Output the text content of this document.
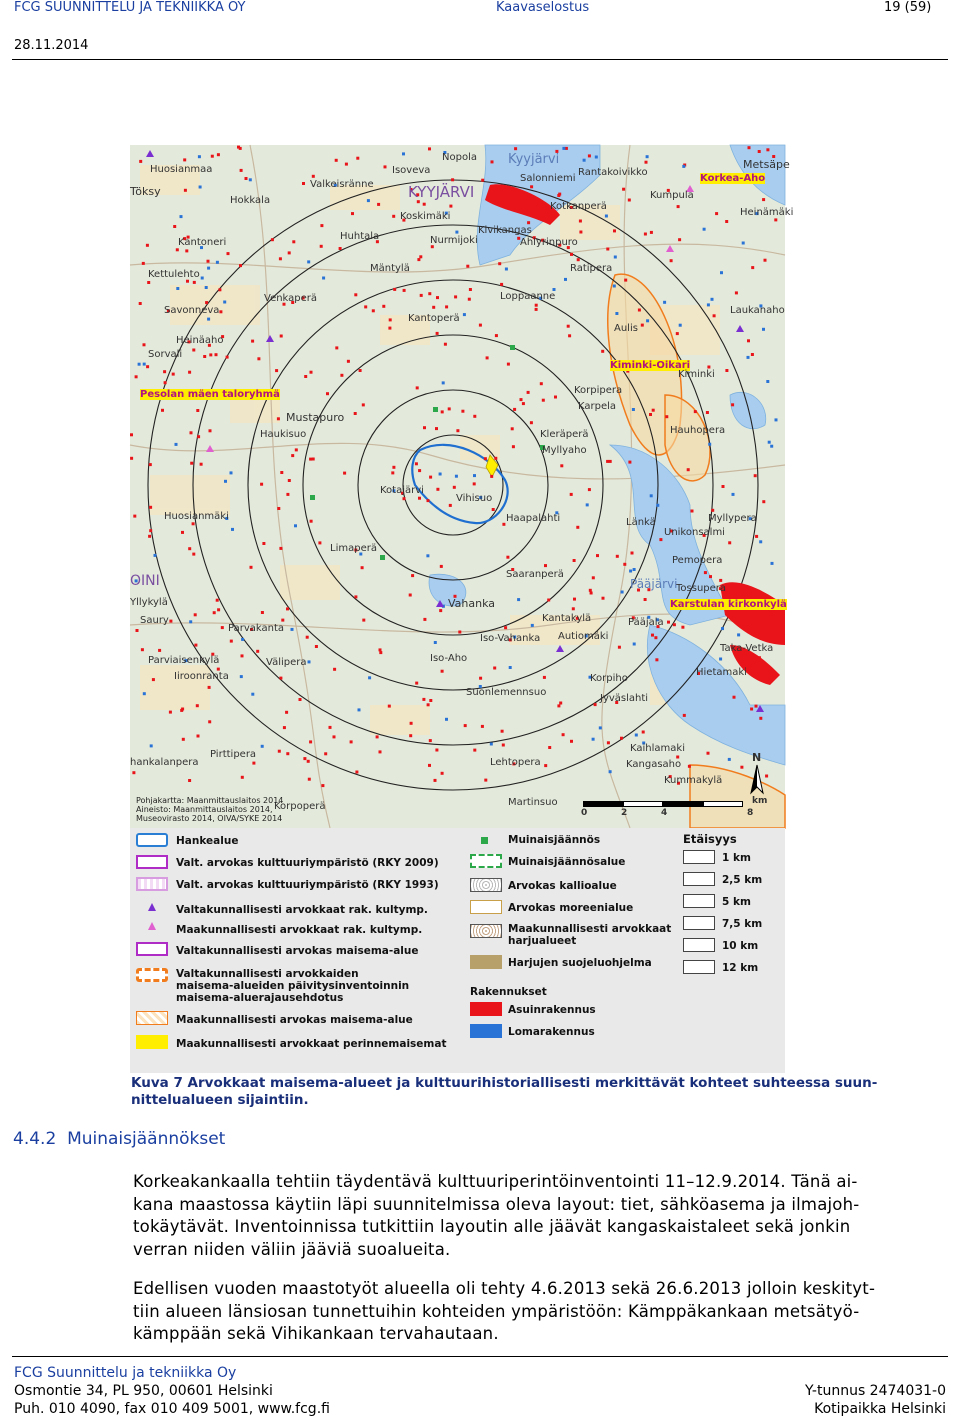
FCG SUUNNITTELU JA TEKNIIKKA OY	Kaavaselostus	19 (59)
28.11.2014
Nopola Kyyjärvi
KYYJÄRVI
Salonniemi
Rantakoivikko
Metsäpe
Korkea-Aho
Huosianmaa
Töksy
Hokkala
Isoveva
Valkeisränne
Koskimäki
Nurmijoki
Kivikangas
Ahlyrinpuro
Kotkanperä
Kumpula
Heinämäki
Huhtala
Kantoneri
Kettulehto
Mäntylä	Ratipera
Venkaperä
Savonneva
Kantoperä
Loppaanne
Aulis
Laukanaho
Heinäaho
Sorvali
Kiminki-Oikari
Kiminki
Pesolan mäen taloryhmä
Mustapuro
Haukisuo
Korpipera
Karpela
Kleräperä
Myllyaho
Hauhopera
Kotajärvi
Vihisuo
Haapalahti	Länkä
Unikonsalmi
Myllypera
Huosianmäki
Limaperä
Pemopera
Saaranperä
Vahanka
Tossupera
Karstulan kirkonkylä
OINI
Yllykylä
Saury
Parvakanta
Parviaisenkylä
Iso-Vahanka Autiomäki
Kantakylä
Pääjärvi
Pääjala
Taka-Vetka
Välipera
Iiroonranta
Iso-Aho
Korpiho
Hietamaki
Suonlemennsuo
Jyväslahti
Pirttipera
hankalanpera	Lehtopera
Kaihlamaki
Kangasaho
Kummakylä
Martinsuo
Korpoperä
Pohjakartta: Maanmittauslaitos 2014
Aineisto: Maanmittauslaitos 2014,
Museovirasto 2014, OIVA/SYKE 2014
0	2	4	8
km
N
Hankealue
Valt. arvokas kulttuuriympäristö (RKY 2009)
Valt. arvokas kulttuuriympäristö (RKY 1993)
Valtakunnallisesti arvokkaat rak. kultymp.
Maakunnallisesti arvokkaat rak. kultymp.
Valtakunnallisesti arvokas maisema-alue
Valtakunnallisesti arvokkaiden
maisema-alueiden päivitysinventoinnin
maisema-aluerajausehdotus
Maakunnallisesti arvokas maisema-alue
Maakunnallisesti arvokkaat perinnemaisemat
Muinaisjäännös
Muinaisjäännösalue
Arvokas kallioalue
Arvokas moreenialue
Maakunnallisesti arvokkaat
harjualueet
Harjujen suojeluohjelma
Rakennukset
Asuinrakennus
Lomarakennus
Etäisyys
1 km
2,5 km
5 km
7,5 km
10 km
12 km
Kuva 7 Arvokkaat maisema-alueet ja kulttuurihistoriallisesti merkittävät kohteet suhteessa suun-
nittelualueen sijaintiin.
4.4.2 Muinaisjäännökset
Korkeakankaalla tehtiin täydentävä kulttuuriperintöinventointi 11–12.9.2014. Tänä ai-
kana maastossa käytiin läpi suunnitelmissa oleva layout: tiet, sähköasema ja ilmajoh-
tokäytävät. Inventoinnissa tutkittiin layoutin alle jäävät kangaskaistaleet sekä jonkin
verran niiden väliin jääviä suoalueita.
Edellisen vuoden maastotyöt alueella oli tehty 4.6.2013 sekä 26.6.2013 jolloin keskityt-
tiin alueen länsiosan tunnettuihin kohteiden ympäristöön: Kämppäkankaan metsätyö-
kämppään sekä Vihikankaan tervahautaan.
FCG Suunnittelu ja tekniikka Oy
Osmontie 34, PL 950, 00601 Helsinki
Puh. 010 4090, fax 010 409 5001, www.fcg.fi
Y-tunnus 2474031-0
Kotipaikka Helsinki
